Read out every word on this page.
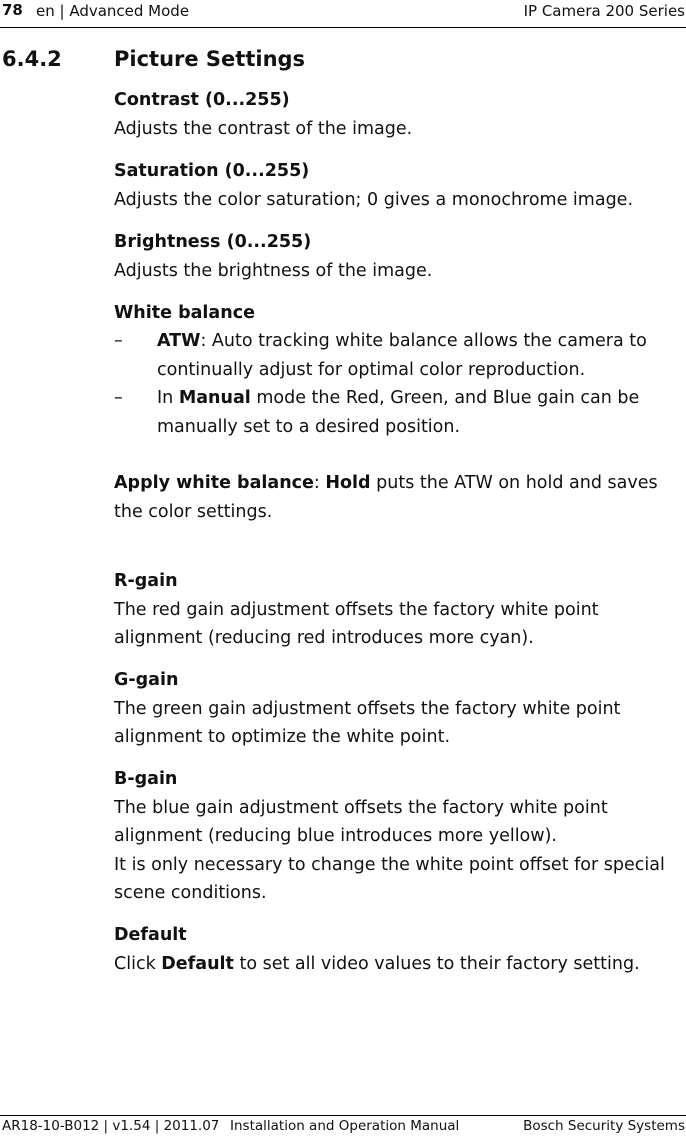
78 en | Advanced Mode	IP Camera 200 Series
6.4.2 Picture Settings
Contrast (0...255)
Adjusts the contrast of the image.
Saturation (0...255)
Adjusts the color saturation; 0 gives a monochrome image.
Brightness (0...255)
Adjusts the brightness of the image.
White balance
– ATW: Auto tracking white balance allows the camera to continually adjust for optimal color reproduction.
– In Manual mode the Red, Green, and Blue gain can be manually set to a desired position.
Apply white balance: Hold puts the ATW on hold and saves the color settings.
R-gain
The red gain adjustment offsets the factory white point alignment (reducing red introduces more cyan).
G-gain
The green gain adjustment offsets the factory white point alignment to optimize the white point.
B-gain
The blue gain adjustment offsets the factory white point alignment (reducing blue introduces more yellow).
It is only necessary to change the white point offset for special scene conditions.
Default
Click Default to set all video values to their factory setting.
AR18-10-B012 | v1.54 | 2011.07 Installation and Operation Manual	Bosch Security Systems
